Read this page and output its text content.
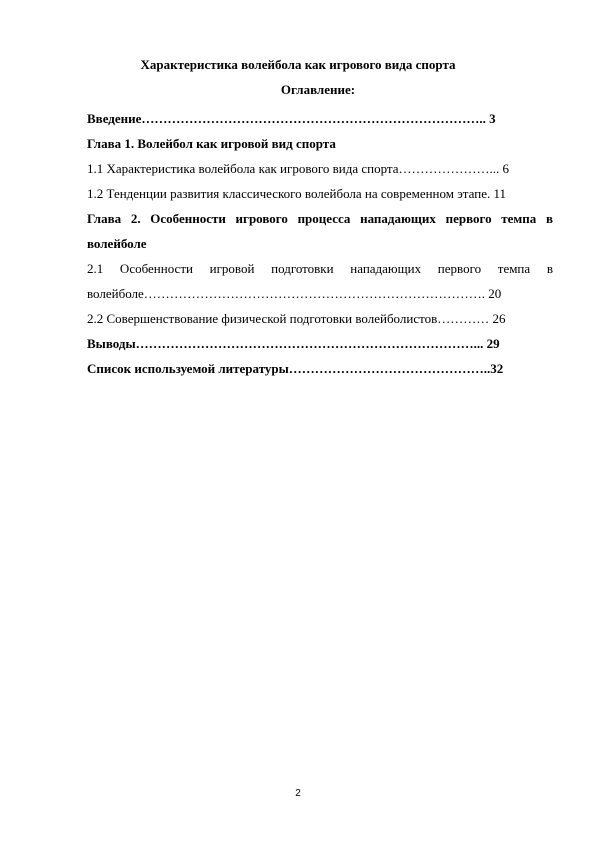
Характеристика волейбола как игрового вида спорта
Оглавление:
Введение…………………………………………………………………….. 3
Глава 1. Волейбол как игровой вид спорта
1.1 Характеристика волейбола как игрового вида спорта…………………... 6
1.2 Тенденции развития классического волейбола на современном этапе. 11
Глава 2. Особенности игрового процесса нападающих первого темпа в
волейболе
2.1 Особенности игровой подготовки нападающих первого темпа в
волейболе……………………………………………………………………. 20
2.2 Совершенствование физической подготовки волейболистов………… 26
Выводы……………………………………………………………………... 29
Список используемой литературы………………………………………..32
2
